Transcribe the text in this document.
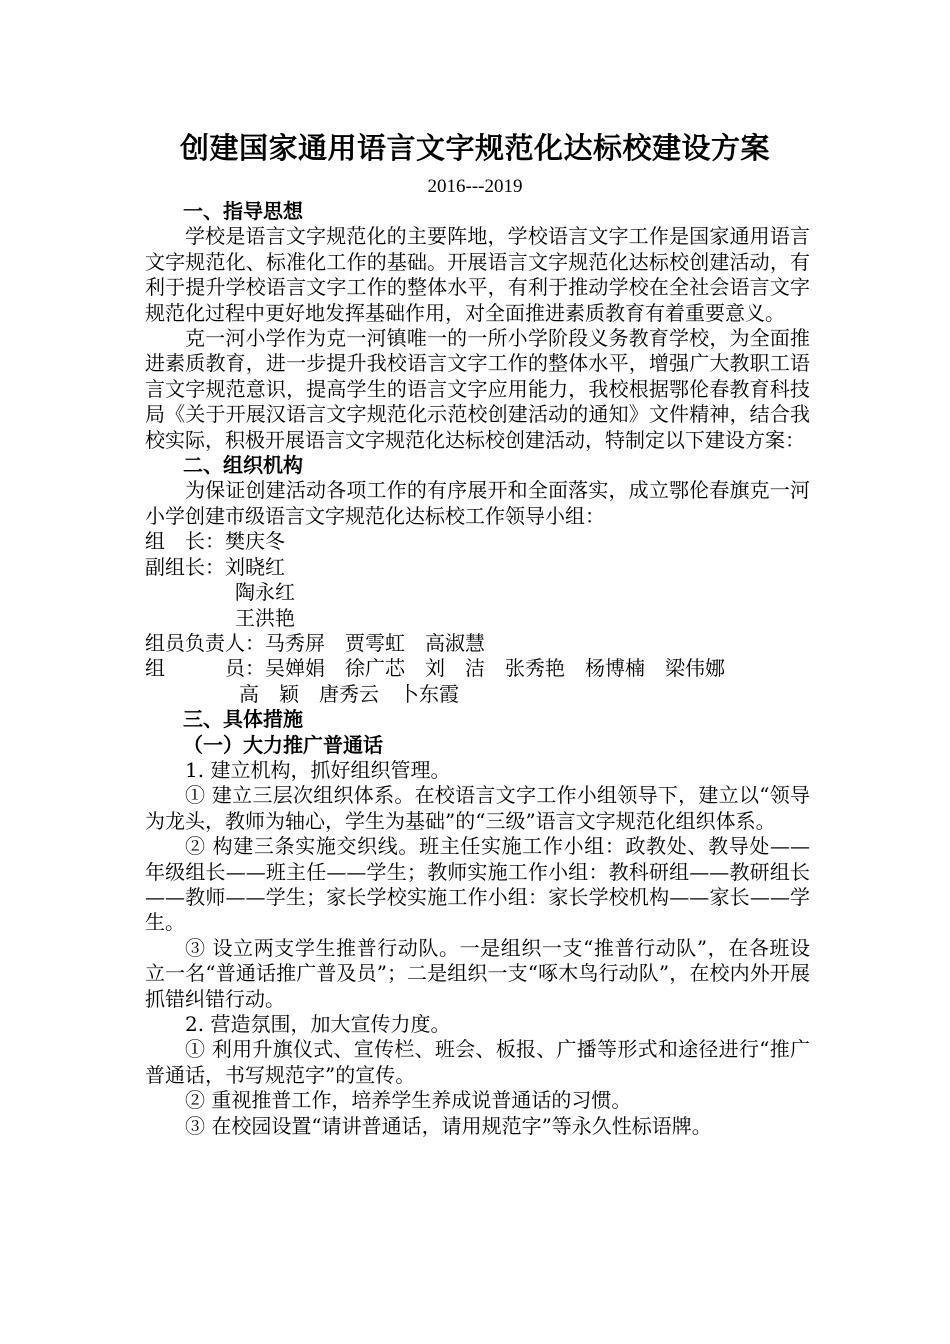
创建国家通用语言文字规范化达标校建设方案
2016---2019

一、指导思想

学校是语言文字规范化的主要阵地，学校语言文字工作是国家通用语言文字规范化、标准化工作的基础。开展语言文字规范化达标校创建活动，有利于提升学校语言文字工作的整体水平，有利于推动学校在全社会语言文字规范化过程中更好地发挥基础作用，对全面推进素质教育有着重要意义。

克一河小学作为克一河镇唯一的一所小学阶段义务教育学校，为全面推进素质教育，进一步提升我校语言文字工作的整体水平，增强广大教职工语言文字规范意识，提高学生的语言文字应用能力，我校根据鄂伦春教育科技局《关于开展汉语言文字规范化示范校创建活动的通知》文件精神，结合我校实际，积极开展语言文字规范化达标校创建活动，特制定以下建设方案：

二、组织机构

为保证创建活动各项工作的有序展开和全面落实，成立鄂伦春旗克一河小学创建市级语言文字规范化达标校工作领导小组：

组　长：樊庆冬

副组长：刘晓红

陶永红

王洪艳

组员负责人：马秀屏　贾雩虹　高淑慧

组　　　员：吴婵娟　徐广芯　刘　洁　张秀艳　杨博楠　梁伟娜

高　颖　唐秀云　卜东霞

三、具体措施

（一）大力推广普通话

1. 建立机构，抓好组织管理。

① 建立三层次组织体系。在校语言文字工作小组领导下，建立以“领导为龙头，教师为轴心，学生为基础”的“三级”语言文字规范化组织体系。

② 构建三条实施交织线。班主任实施工作小组：政教处、教导处——年级组长——班主任——学生；教师实施工作小组：教科研组——教研组长——教师——学生；家长学校实施工作小组：家长学校机构——家长——学生。

③ 设立两支学生推普行动队。一是组织一支“推普行动队”，在各班设立一名“普通话推广普及员”；二是组织一支“啄木鸟行动队”，在校内外开展抓错纠错行动。

2. 营造氛围，加大宣传力度。

① 利用升旗仪式、宣传栏、班会、板报、广播等形式和途径进行“推广普通话，书写规范字”的宣传。

② 重视推普工作，培养学生养成说普通话的习惯。

③ 在校园设置“请讲普通话，请用规范字”等永久性标语牌。
